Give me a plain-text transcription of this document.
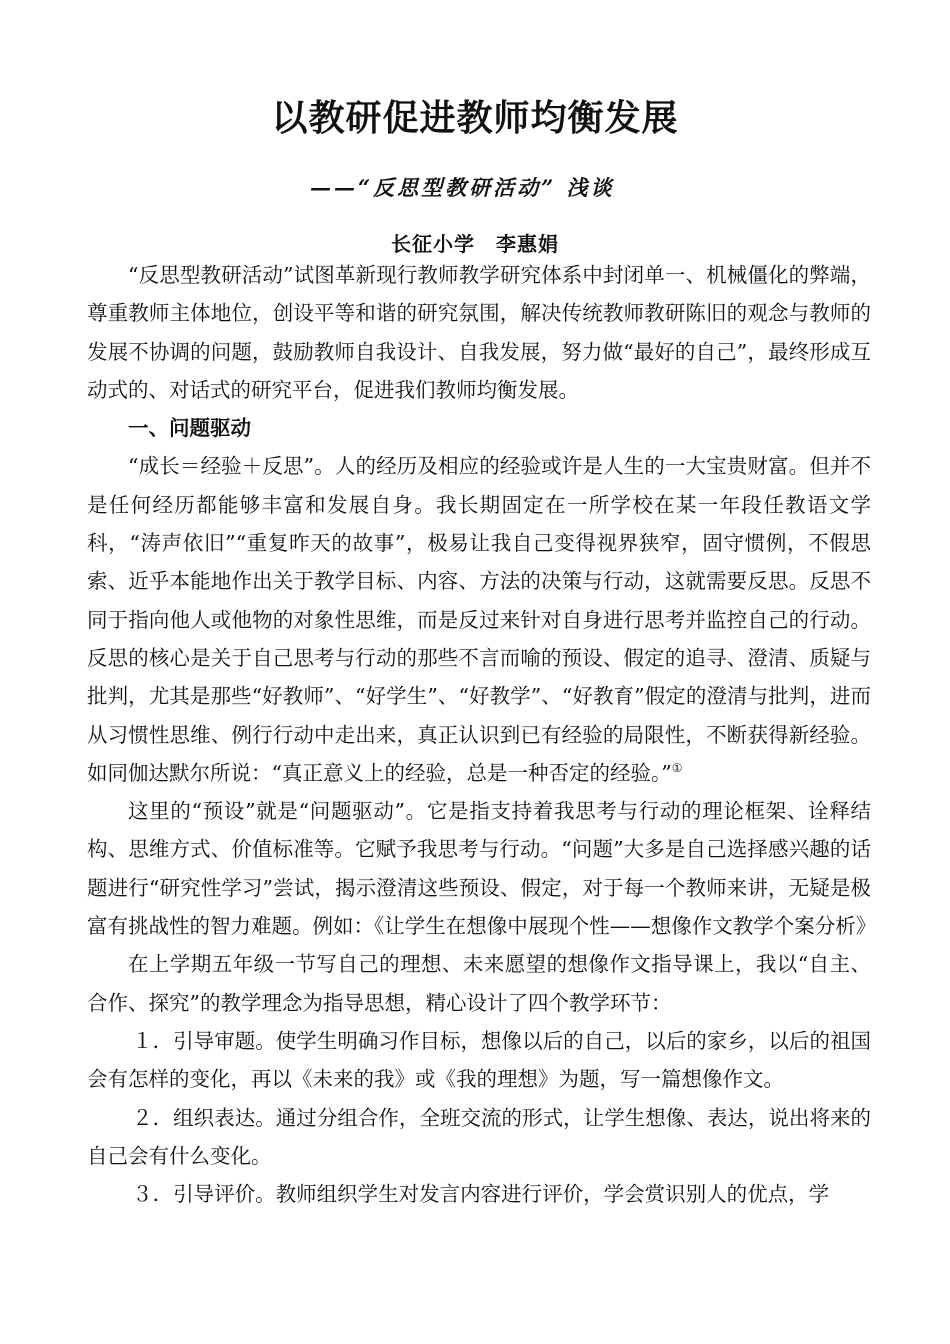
以教研促进教师均衡发展
——“反思型教研活动” 浅谈
长征小学　李惠娟

“反思型教研活动”试图革新现行教师教学研究体系中封闭单一、机械僵化的弊端，尊重教师主体地位，创设平等和谐的研究氛围，解决传统教师教研陈旧的观念与教师的发展不协调的问题，鼓励教师自我设计、自我发展，努力做“最好的自己”，最终形成互动式的、对话式的研究平台，促进我们教师均衡发展。

一、问题驱动

“成长＝经验＋反思”。人的经历及相应的经验或许是人生的一大宝贵财富。但并不是任何经历都能够丰富和发展自身。我长期固定在一所学校在某一年段任教语文学科，“涛声依旧”“重复昨天的故事”，极易让我自己变得视界狭窄，固守惯例，不假思索、近乎本能地作出关于教学目标、内容、方法的决策与行动，这就需要反思。反思不同于指向他人或他物的对象性思维，而是反过来针对自身进行思考并监控自己的行动。反思的核心是关于自己思考与行动的那些不言而喻的预设、假定的追寻、澄清、质疑与批判，尤其是那些“好教师”、“好学生”、“好教学”、“好教育”假定的澄清与批判，进而从习惯性思维、例行行动中走出来，真正认识到已有经验的局限性，不断获得新经验。如同伽达默尔所说：“真正意义上的经验，总是一种否定的经验。”①

这里的“预设”就是“问题驱动”。它是指支持着我思考与行动的理论框架、诠释结构、思维方式、价值标准等。它赋予我思考与行动。“问题”大多是自己选择感兴趣的话题进行“研究性学习”尝试，揭示澄清这些预设、假定，对于每一个教师来讲，无疑是极富有挑战性的智力难题。例如：《让学生在想像中展现个性——想像作文教学个案分析》

在上学期五年级一节写自己的理想、未来愿望的想像作文指导课上，我以“自主、合作、探究”的教学理念为指导思想，精心设计了四个教学环节：

１．引导审题。使学生明确习作目标，想像以后的自己，以后的家乡，以后的祖国会有怎样的变化，再以《未来的我》或《我的理想》为题，写一篇想像作文。

２．组织表达。通过分组合作，全班交流的形式，让学生想像、表达，说出将来的自己会有什么变化。

３．引导评价。教师组织学生对发言内容进行评价，学会赏识别人的优点，学
